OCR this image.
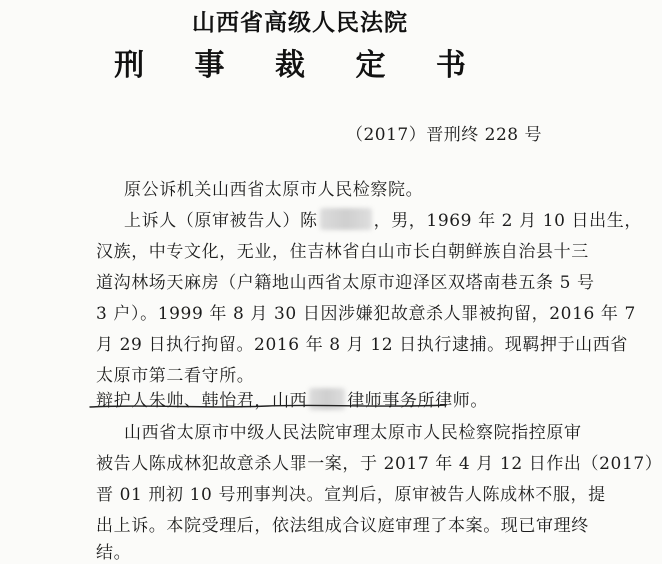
山西省高级人民法院
刑 事 裁 定 书
（2017）晋刑终 228 号
原公诉机关山西省太原市人民检察院。
上诉人（原审被告人）陈	，男，1969 年 2 月 10 日出生，
汉族，中专文化，无业，住吉林省白山市长白朝鲜族自治县十三
道沟林场天麻房（户籍地山西省太原市迎泽区双塔南巷五条 5 号
3 户）。1999 年 8 月 30 日因涉嫌犯故意杀人罪被拘留，2016 年 7
月 29 日执行拘留。2016 年 8 月 12 日执行逮捕。现羁押于山西省
太原市第二看守所。
辩护人朱帅、韩怡君，山西 律师事务所律师。
山西省太原市中级人民法院审理太原市人民检察院指控原审
被告人陈成林犯故意杀人罪一案，于 2017 年 4 月 12 日作出（2017）
晋 01 刑初 10 号刑事判决。宣判后，原审被告人陈成林不服，提
出上诉。本院受理后，依法组成合议庭审理了本案。现已审理终
结。
